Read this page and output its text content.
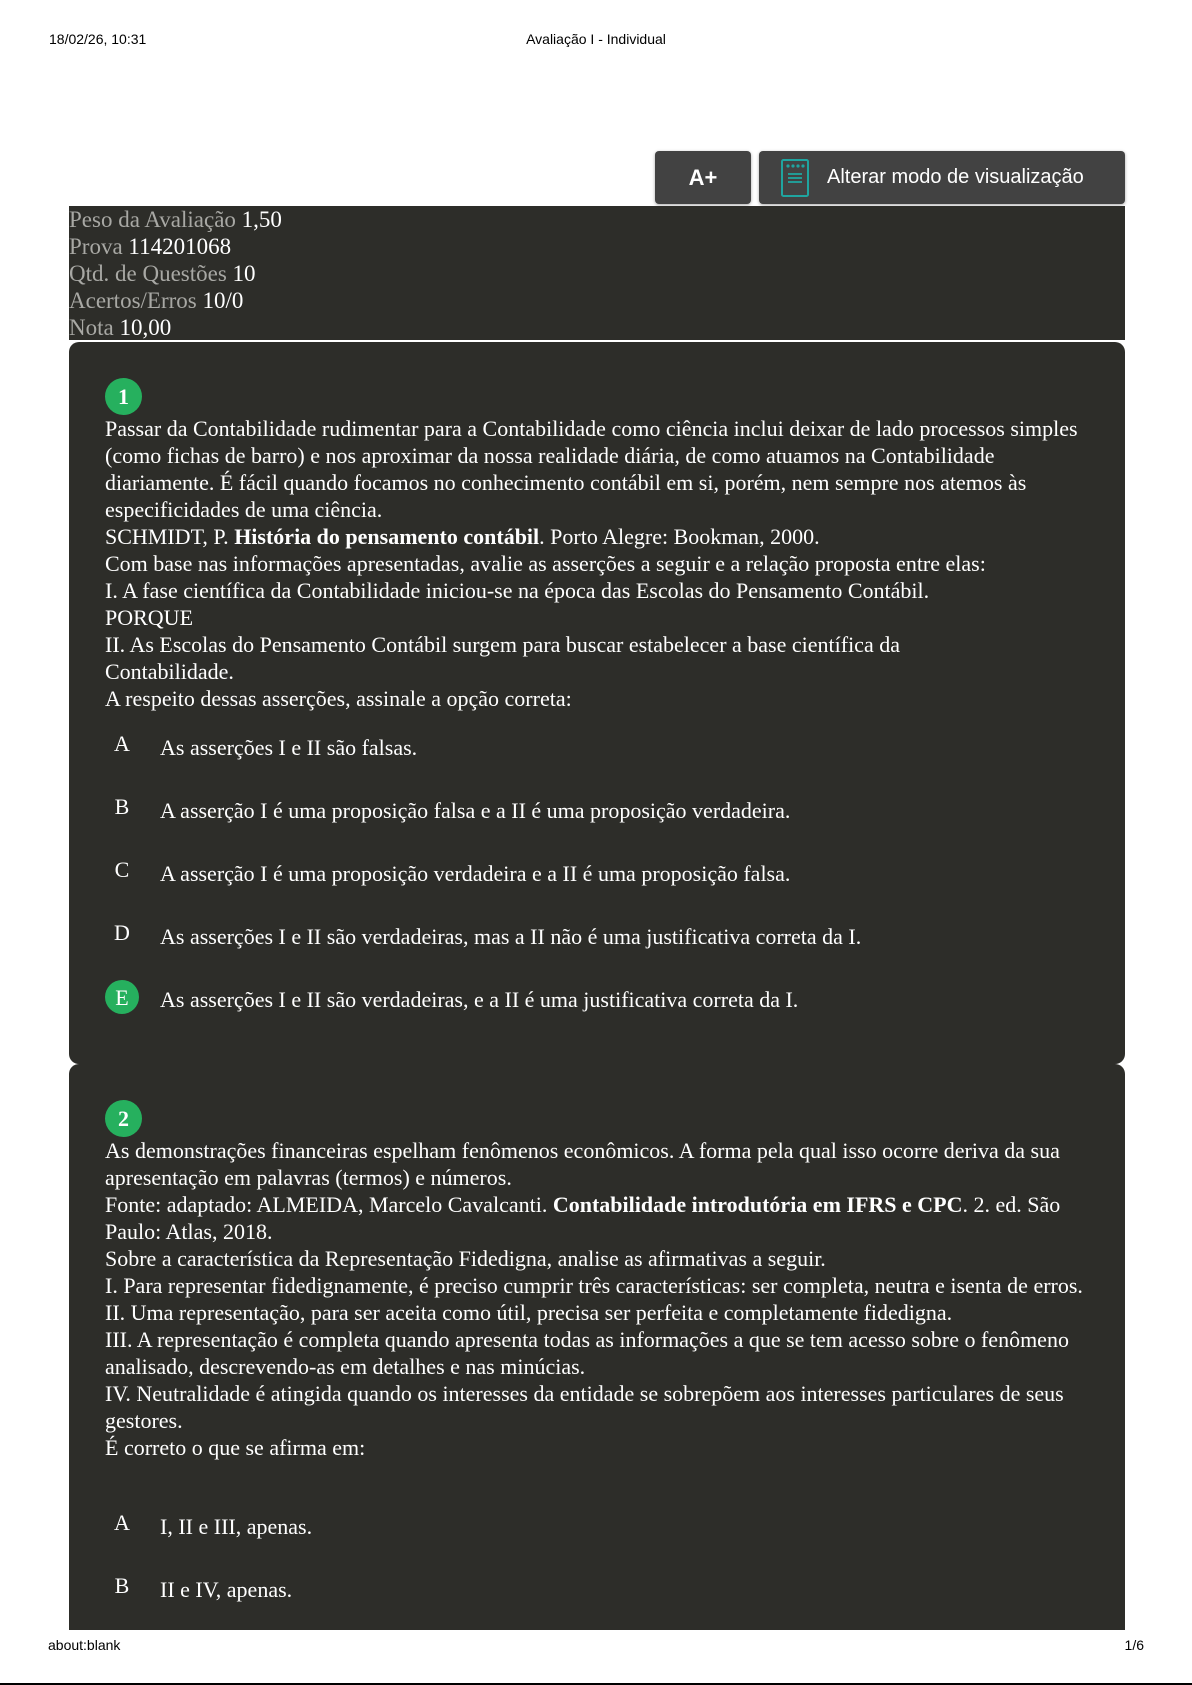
18/02/26, 10:31	Avaliação I - Individual
A+	Alterar modo de visualização
Peso da Avaliação 1,50
Prova 114201068
Qtd. de Questões 10
Acertos/Erros 10/0
Nota 10,00
1

Passar da Contabilidade rudimentar para a Contabilidade como ciência inclui deixar de lado processos simples (como fichas de barro) e nos aproximar da nossa realidade diária, de como atuamos na Contabilidade diariamente. É fácil quando focamos no conhecimento contábil em si, porém, nem sempre nos atemos às especificidades de uma ciência.

SCHMIDT, P. História do pensamento contábil. Porto Alegre: Bookman, 2000.

Com base nas informações apresentadas, avalie as asserções a seguir e a relação proposta entre elas:

I. A fase científica da Contabilidade iniciou-se na época das Escolas do Pensamento Contábil.

PORQUE

II. As Escolas do Pensamento Contábil surgem para buscar estabelecer a base científica da Contabilidade.

A respeito dessas asserções, assinale a opção correta:

A	As asserções I e II são falsas.
B	A asserção I é uma proposição falsa e a II é uma proposição verdadeira.
C	A asserção I é uma proposição verdadeira e a II é uma proposição falsa.
D	As asserções I e II são verdadeiras, mas a II não é uma justificativa correta da I.
E	As asserções I e II são verdadeiras, e a II é uma justificativa correta da I.
2

As demonstrações financeiras espelham fenômenos econômicos. A forma pela qual isso ocorre deriva da sua apresentação em palavras (termos) e números.

Fonte: adaptado: ALMEIDA, Marcelo Cavalcanti. Contabilidade introdutória em IFRS e CPC. 2. ed. São Paulo: Atlas, 2018.

Sobre a característica da Representação Fidedigna, analise as afirmativas a seguir.

I. Para representar fidedignamente, é preciso cumprir três características: ser completa, neutra e isenta de erros.

II. Uma representação, para ser aceita como útil, precisa ser perfeita e completamente fidedigna.

III. A representação é completa quando apresenta todas as informações a que se tem acesso sobre o fenômeno analisado, descrevendo-as em detalhes e nas minúcias.

IV. Neutralidade é atingida quando os interesses da entidade se sobrepõem aos interesses particulares de seus gestores.

É correto o que se afirma em:

A	I, II e III, apenas.
B	II e IV, apenas.
about:blank	1/6
